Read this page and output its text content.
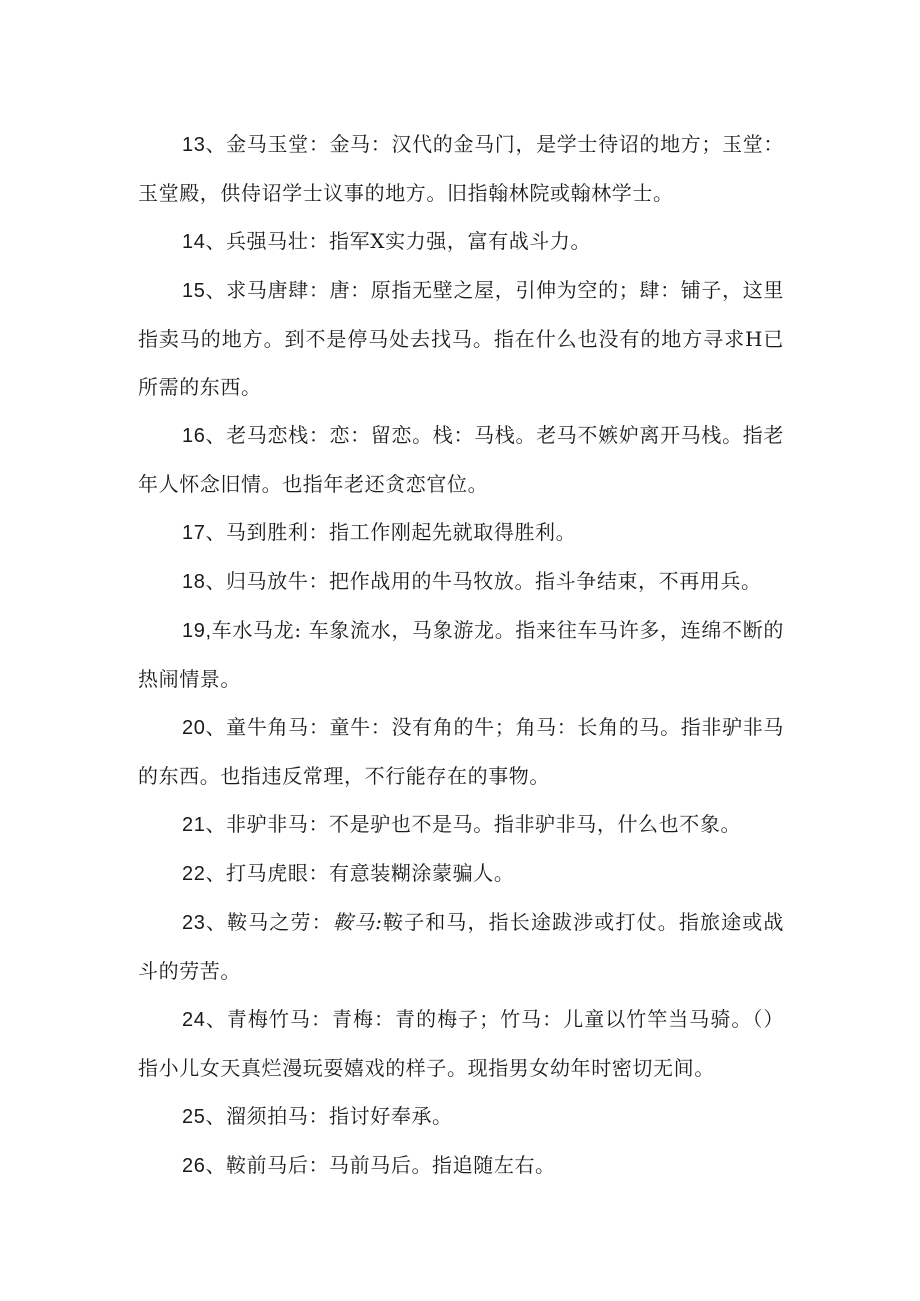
13、金马玉堂：金马：汉代的金马门，是学士待诏的地方；玉堂：玉堂殿，供侍诏学士议事的地方。旧指翰林院或翰林学士。

14、兵强马壮：指军X实力强，富有战斗力。

15、求马唐肆：唐：原指无壁之屋，引伸为空的；肆：铺子，这里指卖马的地方。到不是停马处去找马。指在什么也没有的地方寻求H已所需的东西。

16、老马恋栈：恋：留恋。栈：马栈。老马不嫉妒离开马栈。指老年人怀念旧情。也指年老还贪恋官位。

17、马到胜利：指工作刚起先就取得胜利。

18、归马放牛：把作战用的牛马牧放。指斗争结束，不再用兵。

19,车水马龙: 车象流水，马象游龙。指来往车马许多，连绵不断的热闹情景。

20、童牛角马：童牛：没有角的牛；角马：长角的马。指非驴非马的东西。也指违反常理，不行能存在的事物。

21、非驴非马：不是驴也不是马。指非驴非马，什么也不象。

22、打马虎眼：有意装糊涂蒙骗人。

23、鞍马之劳：鞍马:鞍子和马，指长途跋涉或打仗。指旅途或战斗的劳苦。

24、青梅竹马：青梅：青的梅子；竹马：儿童以竹竿当马骑。（）指小儿女天真烂漫玩耍嬉戏的样子。现指男女幼年时密切无间。

25、溜须拍马：指讨好奉承。

26、鞍前马后：马前马后。指追随左右。
